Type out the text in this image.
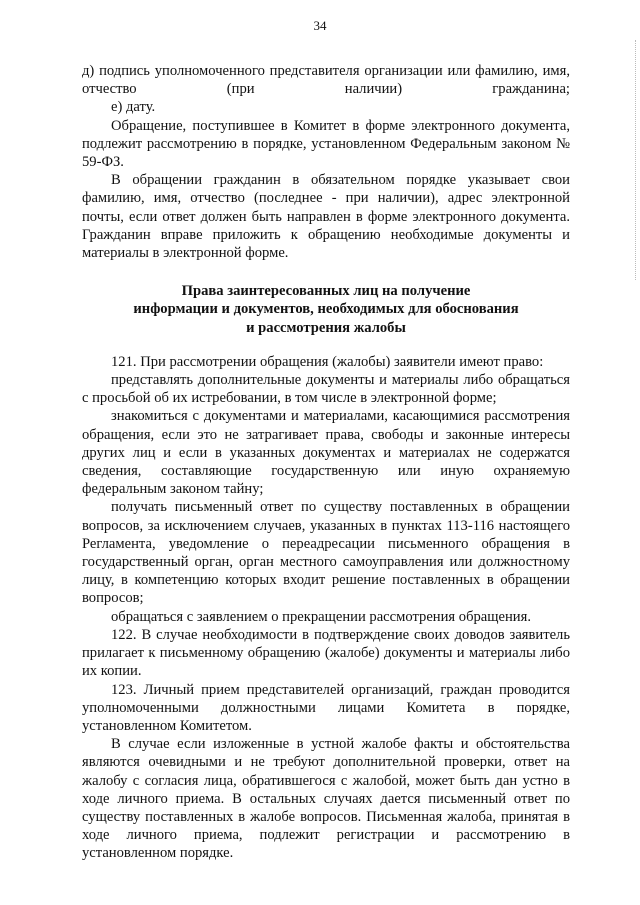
34

д) подпись уполномоченного представителя организации или фамилию, имя, отчество (при наличии) гражданина;

е) дату.

Обращение, поступившее в Комитет в форме электронного документа, подлежит рассмотрению в порядке, установленном Федеральным законом № 59-ФЗ.

В обращении гражданин в обязательном порядке указывает свои фамилию, имя, отчество (последнее - при наличии), адрес электронной почты, если ответ должен быть направлен в форме электронного документа. Гражданин вправе приложить к обращению необходимые документы и материалы в электронной форме.

Права заинтересованных лиц на получение
информации и документов, необходимых для обоснования
и рассмотрения жалобы

121. При рассмотрении обращения (жалобы) заявители имеют право:

представлять дополнительные документы и материалы либо обращаться с просьбой об их истребовании, в том числе в электронной форме;

знакомиться с документами и материалами, касающимися рассмотрения обращения, если это не затрагивает права, свободы и законные интересы других лиц и если в указанных документах и материалах не содержатся сведения, составляющие государственную или иную охраняемую федеральным законом тайну;

получать письменный ответ по существу поставленных в обращении вопросов, за исключением случаев, указанных в пунктах 113-116 настоящего Регламента, уведомление о переадресации письменного обращения в государственный орган, орган местного самоуправления или должностному лицу, в компетенцию которых входит решение поставленных в обращении вопросов;

обращаться с заявлением о прекращении рассмотрения обращения.

122. В случае необходимости в подтверждение своих доводов заявитель прилагает к письменному обращению (жалобе) документы и материалы либо их копии.

123. Личный прием представителей организаций, граждан проводится уполномоченными должностными лицами Комитета в порядке, установленном Комитетом.

В случае если изложенные в устной жалобе факты и обстоятельства являются очевидными и не требуют дополнительной проверки, ответ на жалобу с согласия лица, обратившегося с жалобой, может быть дан устно в ходе личного приема. В остальных случаях дается письменный ответ по существу поставленных в жалобе вопросов. Письменная жалоба, принятая в ходе личного приема, подлежит регистрации и рассмотрению в установленном порядке.
